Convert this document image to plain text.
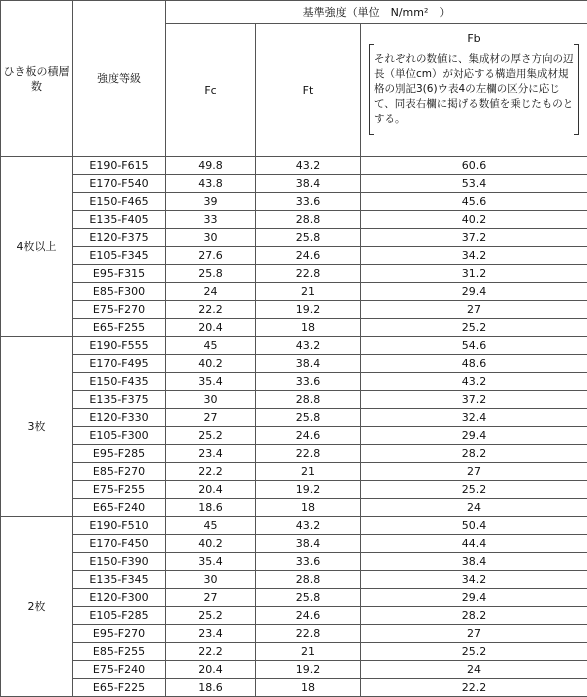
ひき板の積層数	強度等級	基準強度（単位　N/mm²　）		
		Fc	Ft	Fb
それぞれの数値に、集成材の厚さ方向の辺長（単位cm）が対応する構造用集成材規格の別記3(6)ウ表4の左欄の区分に応じて、同表右欄に掲げる数値を乗じたものとする。

4枚以上	E190-F615	49.8	43.2	60.6
	E170-F540	43.8	38.4	53.4
	E150-F465	39	33.6	45.6
	E135-F405	33	28.8	40.2
	E120-F375	30	25.8	37.2
	E105-F345	27.6	24.6	34.2
	E95-F315	25.8	22.8	31.2
	E85-F300	24	21	29.4
	E75-F270	22.2	19.2	27
	E65-F255	20.4	18	25.2
3枚	E190-F555	45	43.2	54.6
	E170-F495	40.2	38.4	48.6
	E150-F435	35.4	33.6	43.2
	E135-F375	30	28.8	37.2
	E120-F330	27	25.8	32.4
	E105-F300	25.2	24.6	29.4
	E95-F285	23.4	22.8	28.2
	E85-F270	22.2	21	27
	E75-F255	20.4	19.2	25.2
	E65-F240	18.6	18	24
2枚	E190-F510	45	43.2	50.4
	E170-F450	40.2	38.4	44.4
	E150-F390	35.4	33.6	38.4
	E135-F345	30	28.8	34.2
	E120-F300	27	25.8	29.4
	E105-F285	25.2	24.6	28.2
	E95-F270	23.4	22.8	27
	E85-F255	22.2	21	25.2
	E75-F240	20.4	19.2	24
	E65-F225	18.6	18	22.2
